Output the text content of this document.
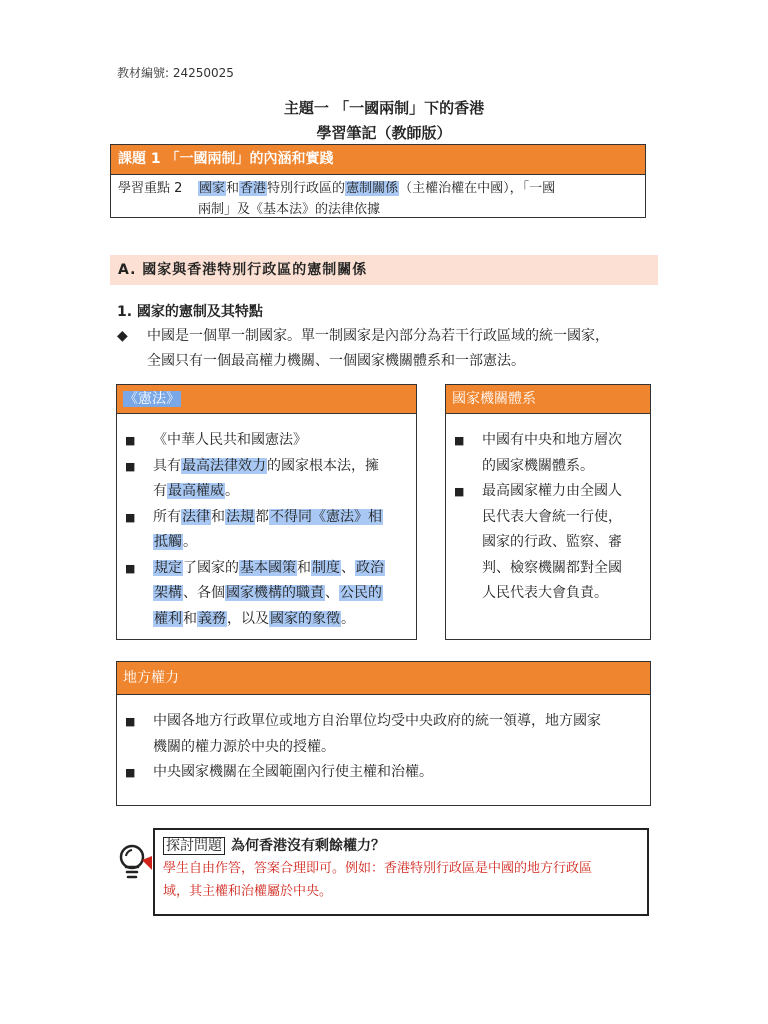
教材編號: 24250025
主題一 「一國兩制」下的香港
學習筆記（教師版）
課題 1 「一國兩制」的內涵和實踐
學習重點 2 國家和香港特別行政區的憲制關係（主權治權在中國），「一國
兩制」及《基本法》的法律依據
A. 國家與香港特別行政區的憲制關係
1. 國家的憲制及其特點
◆	中國是一個單一制國家。單一制國家是內部分為若干行政區域的統一國家，
全國只有一個最高權力機關、一個國家機關體系和一部憲法。
《憲法》
■ 《中華人民共和國憲法》
■ 具有最高法律效力的國家根本法，擁
有最高權威。
■ 所有法律和法規都不得同《憲法》相
抵觸。
■ 規定了國家的基本國策和制度、政治
架構、各個國家機構的職責、公民的
權利和義務，以及國家的象徵。
國家機關體系
■ 中國有中央和地方層次
的國家機關體系。
■ 最高國家權力由全國人
民代表大會統一行使，
國家的行政、監察、審
判、檢察機關都對全國
人民代表大會負責。
地方權力
■ 中國各地方行政單位或地方自治單位均受中央政府的統一領導，地方國家
機關的權力源於中央的授權。
■ 中央國家機關在全國範圍內行使主權和治權。
探討問題 為何香港沒有剩餘權力？
學生自由作答，答案合理即可。例如：香港特別行政區是中國的地方行政區
域，其主權和治權屬於中央。
